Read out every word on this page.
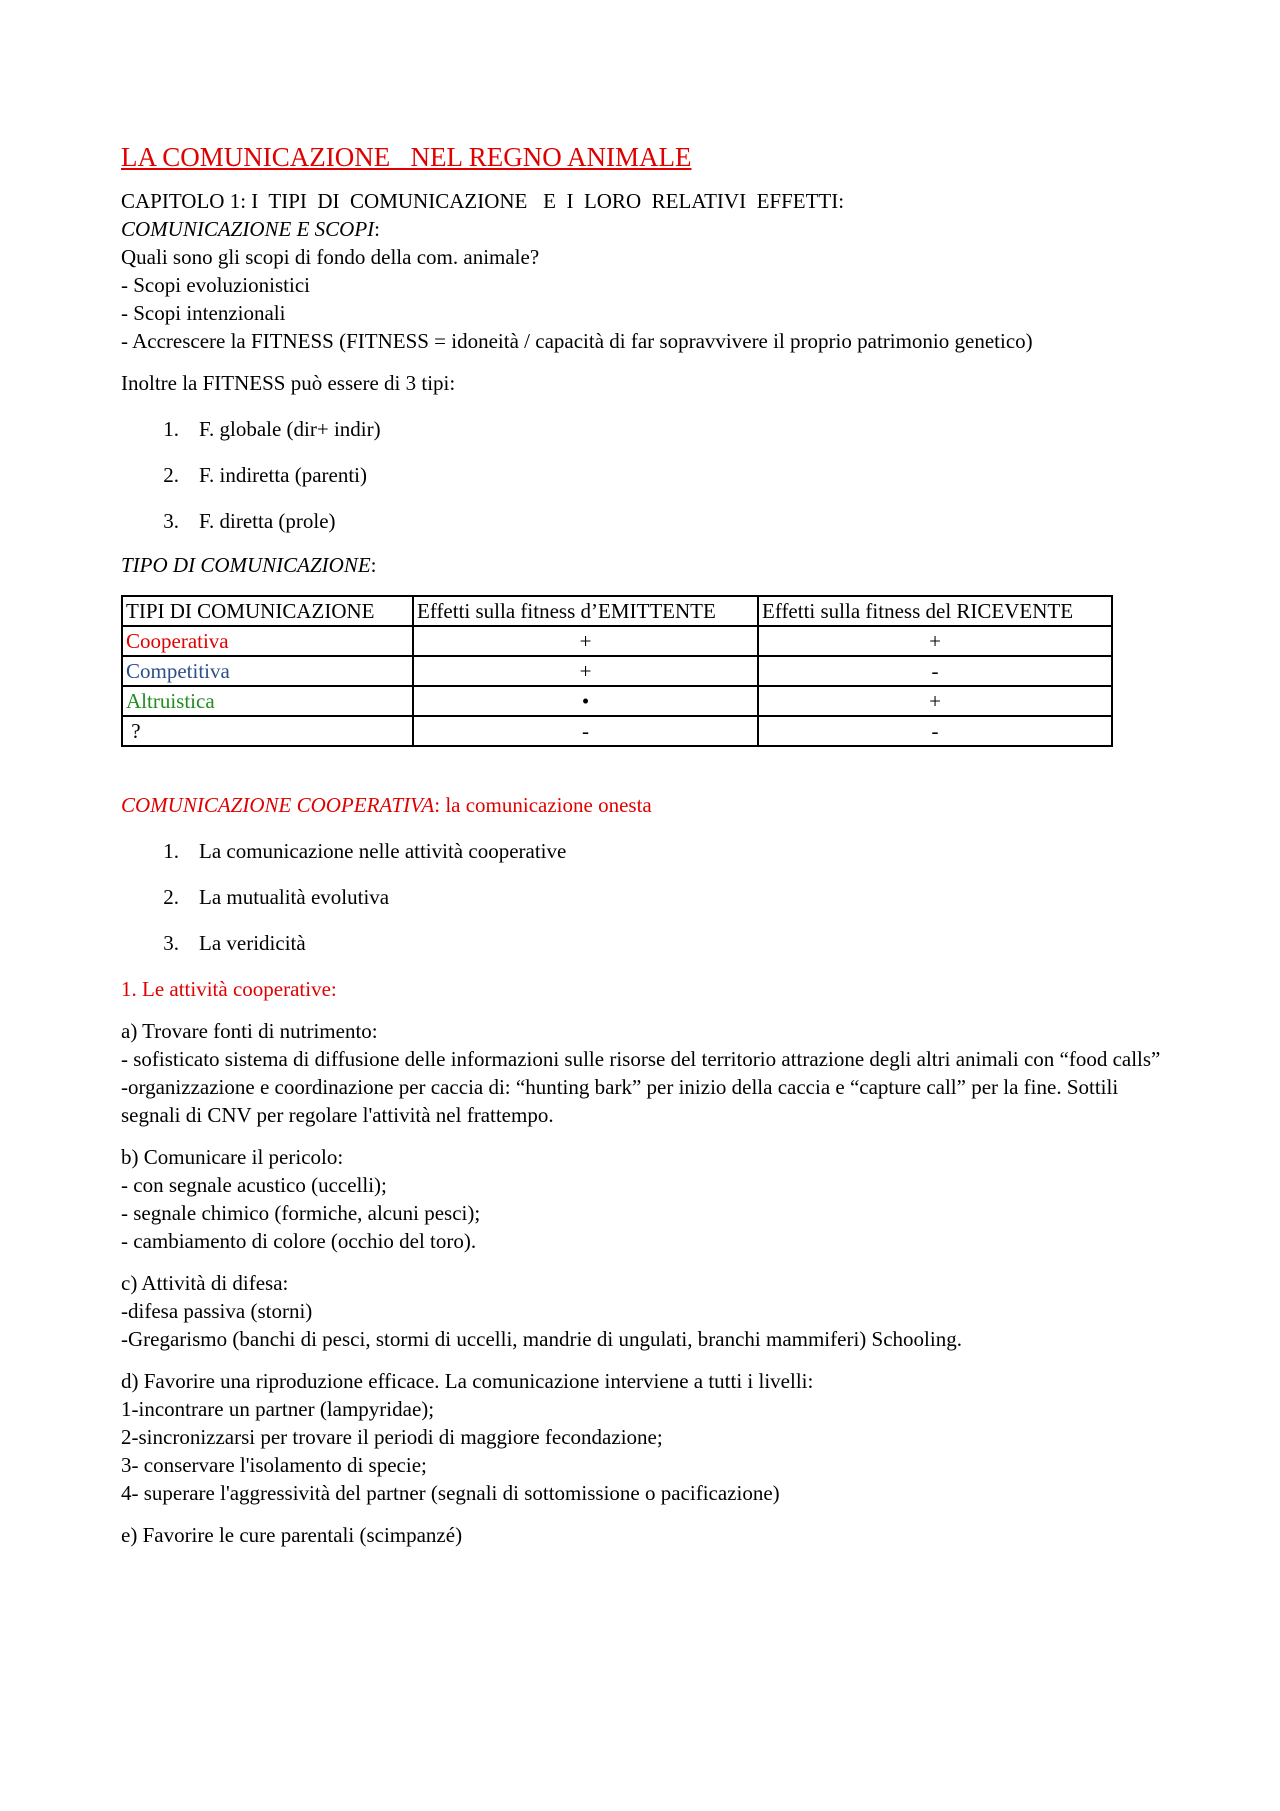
LA COMUNICAZIONE   NEL REGNO ANIMALE
CAPITOLO 1: I  TIPI  DI  COMUNICAZIONE   E  I  LORO  RELATIVI  EFFETTI:
COMUNICAZIONE E SCOPI:
Quali sono gli scopi di fondo della com. animale?
- Scopi evoluzionistici
- Scopi intenzionali
- Accrescere la FITNESS (FITNESS = idoneità / capacità di far sopravvivere il proprio patrimonio genetico)

Inoltre la FITNESS può essere di 3 tipi:

1. F. globale (dir+ indir)
2. F. indiretta (parenti)
3. F. diretta (prole)

TIPO DI COMUNICAZIONE:

TIPI DI COMUNICAZIONE	Effetti sulla fitness d’EMITTENTE	Effetti sulla fitness del RICEVENTE
Cooperativa	+	+
Competitiva	+	-
Altruistica	•	+
?	-	-

COMUNICAZIONE COOPERATIVA: la comunicazione onesta

1. La comunicazione nelle attività cooperative
2. La mutualità evolutiva
3. La veridicità

1. Le attività cooperative:

a) Trovare fonti di nutrimento:

- sofisticato sistema di diffusione delle informazioni sulle risorse del territorio attrazione degli altri animali con “food calls”

-organizzazione e coordinazione per caccia di: “hunting bark” per inizio della caccia e “capture call” per la fine. Sottili segnali di CNV per regolare l'attività nel frattempo.

b) Comunicare il pericolo:

- con segnale acustico (uccelli);

- segnale chimico (formiche, alcuni pesci);

- cambiamento di colore (occhio del toro).

c) Attività di difesa:

-difesa passiva (storni)

-Gregarismo (banchi di pesci, stormi di uccelli, mandrie di ungulati, branchi mammiferi) Schooling.

d) Favorire una riproduzione efficace. La comunicazione interviene a tutti i livelli:

1-incontrare un partner (lampyridae);

2-sincronizzarsi per trovare il periodi di maggiore fecondazione;

3- conservare l'isolamento di specie;

4- superare l'aggressività del partner (segnali di sottomissione o pacificazione)

e) Favorire le cure parentali (scimpanzé)
